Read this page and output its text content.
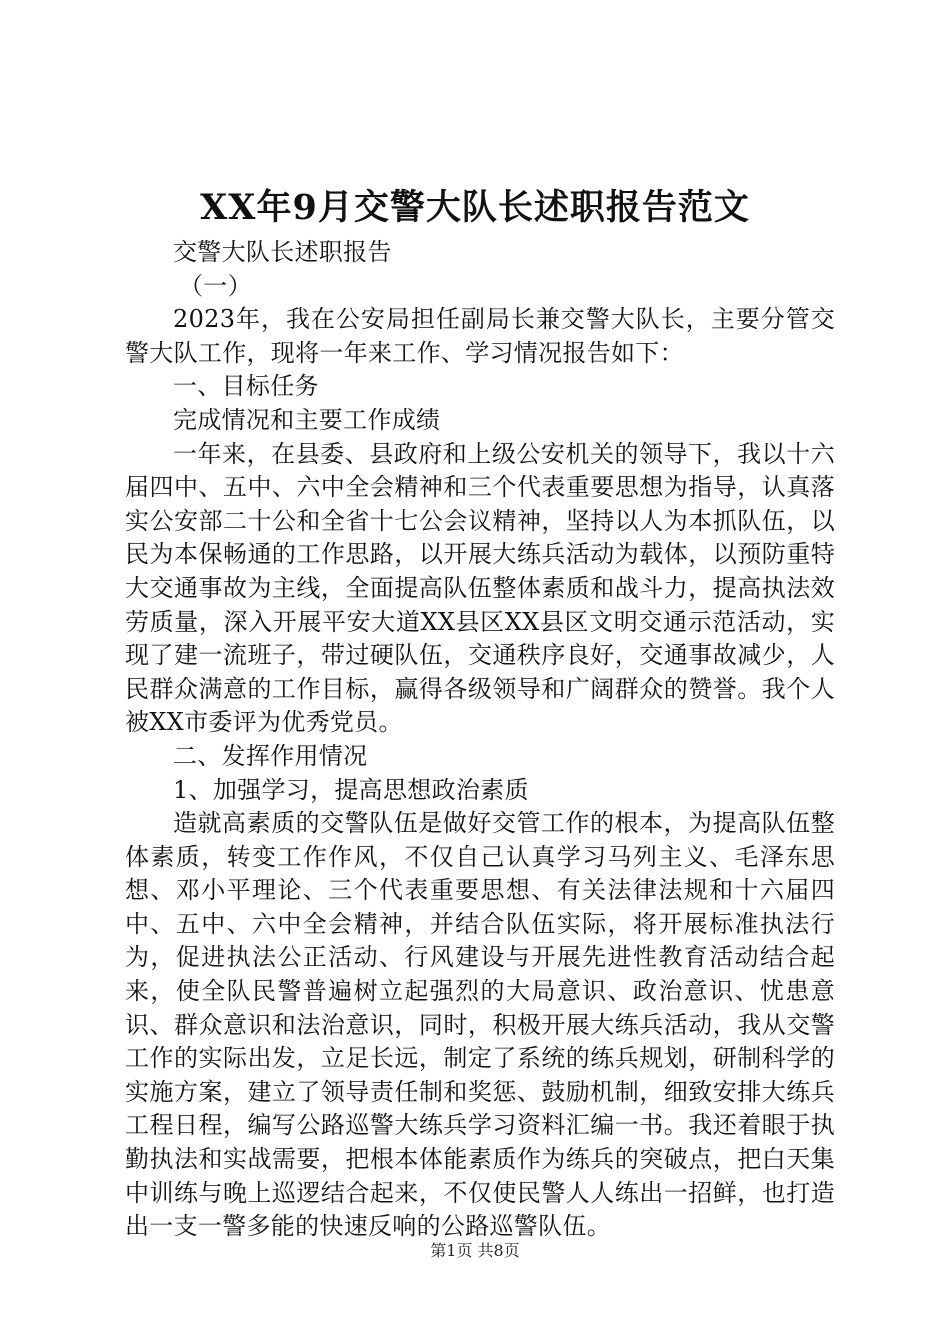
XX年9月交警大队长述职报告范文

交警大队长述职报告

（一）

2023年，我在公安局担任副局长兼交警大队长，主要分管交警大队工作，现将一年来工作、学习情况报告如下：

一、目标任务

完成情况和主要工作成绩

一年来，在县委、县政府和上级公安机关的领导下，我以十六届四中、五中、六中全会精神和三个代表重要思想为指导，认真落实公安部二十公和全省十七公会议精神，坚持以人为本抓队伍，以民为本保畅通的工作思路，以开展大练兵活动为载体，以预防重特大交通事故为主线，全面提高队伍整体素质和战斗力，提高执法效劳质量，深入开展平安大道XX县区XX县区文明交通示范活动，实现了建一流班子，带过硬队伍，交通秩序良好，交通事故减少，人民群众满意的工作目标，赢得各级领导和广阔群众的赞誉。我个人被XX市委评为优秀党员。

二、发挥作用情况

1、加强学习，提高思想政治素质

造就高素质的交警队伍是做好交管工作的根本，为提高队伍整体素质，转变工作作风，不仅自己认真学习马列主义、毛泽东思想、邓小平理论、三个代表重要思想、有关法律法规和十六届四中、五中、六中全会精神，并结合队伍实际，将开展标准执法行为，促进执法公正活动、行风建设与开展先进性教育活动结合起来，使全队民警普遍树立起强烈的大局意识、政治意识、忧患意识、群众意识和法治意识，同时，积极开展大练兵活动，我从交警工作的实际出发，立足长远，制定了系统的练兵规划，研制科学的实施方案，建立了领导责任制和奖惩、鼓励机制，细致安排大练兵工程日程，编写公路巡警大练兵学习资料汇编一书。我还着眼于执勤执法和实战需要，把根本体能素质作为练兵的突破点，把白天集中训练与晚上巡逻结合起来，不仅使民警人人练出一招鲜，也打造出一支一警多能的快速反响的公路巡警队伍。

第1页 共8页
